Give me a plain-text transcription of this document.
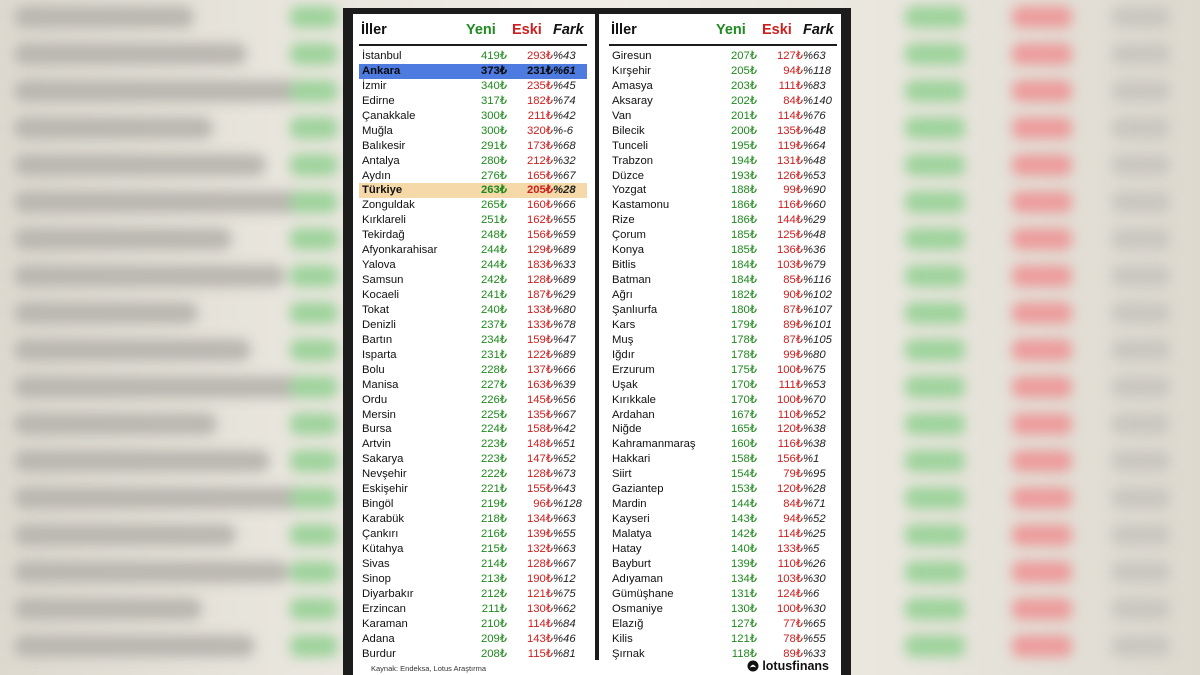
İller	Yeni Eski Fark
İstanbul	419₺	293₺ %43
Ankara	373₺	231₺ %61
İzmir	340₺	235₺ %45
Edirne	317₺	182₺ %74
Çanakkale	300₺	211₺ %42
Muğla	300₺	320₺ %-6
Balıkesir	291₺	173₺ %68
Antalya	280₺	212₺ %32
Aydın	276₺	165₺ %67
Türkiye	263₺	205₺ %28
Zonguldak	265₺	160₺ %66
Kırklareli	251₺	162₺ %55
Tekirdağ	248₺	156₺ %59
Afyonkarahisar	244₺	129₺ %89
Yalova	244₺	183₺ %33
Samsun	242₺	128₺ %89
Kocaeli	241₺	187₺ %29
Tokat	240₺	133₺ %80
Denizli	237₺	133₺ %78
Bartın	234₺	159₺ %47
Isparta	231₺	122₺ %89
Bolu	228₺	137₺ %66
Manisa	227₺	163₺ %39
Ordu	226₺	145₺ %56
Mersin	225₺	135₺ %67
Bursa	224₺	158₺ %42
Artvin	223₺	148₺ %51
Sakarya	223₺	147₺ %52
Nevşehir	222₺	128₺ %73
Eskişehir	221₺	155₺ %43
Bingöl	219₺	96₺ %128
Karabük	218₺	134₺ %63
Çankırı	216₺	139₺ %55
Kütahya	215₺	132₺ %63
Sivas	214₺	128₺ %67
Sinop	213₺	190₺ %12
Diyarbakır	212₺	121₺ %75
Erzincan	211₺	130₺ %62
Karaman	210₺	114₺ %84
Adana	209₺	143₺ %46
Burdur	208₺	115₺ %81
İller	Yeni Eski Fark
Giresun	207₺	127₺ %63
Kırşehir	205₺	94₺ %118
Amasya	203₺	111₺ %83
Aksaray	202₺	84₺ %140
Van	201₺	114₺ %76
Bilecik	200₺	135₺ %48
Tunceli	195₺	119₺ %64
Trabzon	194₺	131₺ %48
Düzce	193₺	126₺ %53
Yozgat	188₺	99₺ %90
Kastamonu	186₺	116₺ %60
Rize	186₺	144₺ %29
Çorum	185₺	125₺ %48
Konya	185₺	136₺ %36
Bitlis	184₺	103₺ %79
Batman	184₺	85₺ %116
Ağrı	182₺	90₺ %102
Şanlıurfa	180₺	87₺ %107
Kars	179₺	89₺ %101
Muş	178₺	87₺ %105
Iğdır	178₺	99₺ %80
Erzurum	175₺	100₺ %75
Uşak	170₺	111₺ %53
Kırıkkale	170₺	100₺ %70
Ardahan	167₺	110₺ %52
Niğde	165₺	120₺ %38
Kahramanmaraş	160₺	116₺ %38
Hakkari	158₺	156₺ %1
Siirt	154₺	79₺ %95
Gaziantep	153₺	120₺ %28
Mardin	144₺	84₺ %71
Kayseri	143₺	94₺ %52
Malatya	142₺	114₺ %25
Hatay	140₺	133₺ %5
Bayburt	139₺	110₺ %26
Adıyaman	134₺	103₺ %30
Gümüşhane	131₺	124₺ %6
Osmaniye	130₺	100₺ %30
Elazığ	127₺	77₺ %65
Kilis	121₺	78₺ %55
Şırnak	118₺	89₺ %33
Kaynak: Endeksa, Lotus Araştırma	lotusfinans
